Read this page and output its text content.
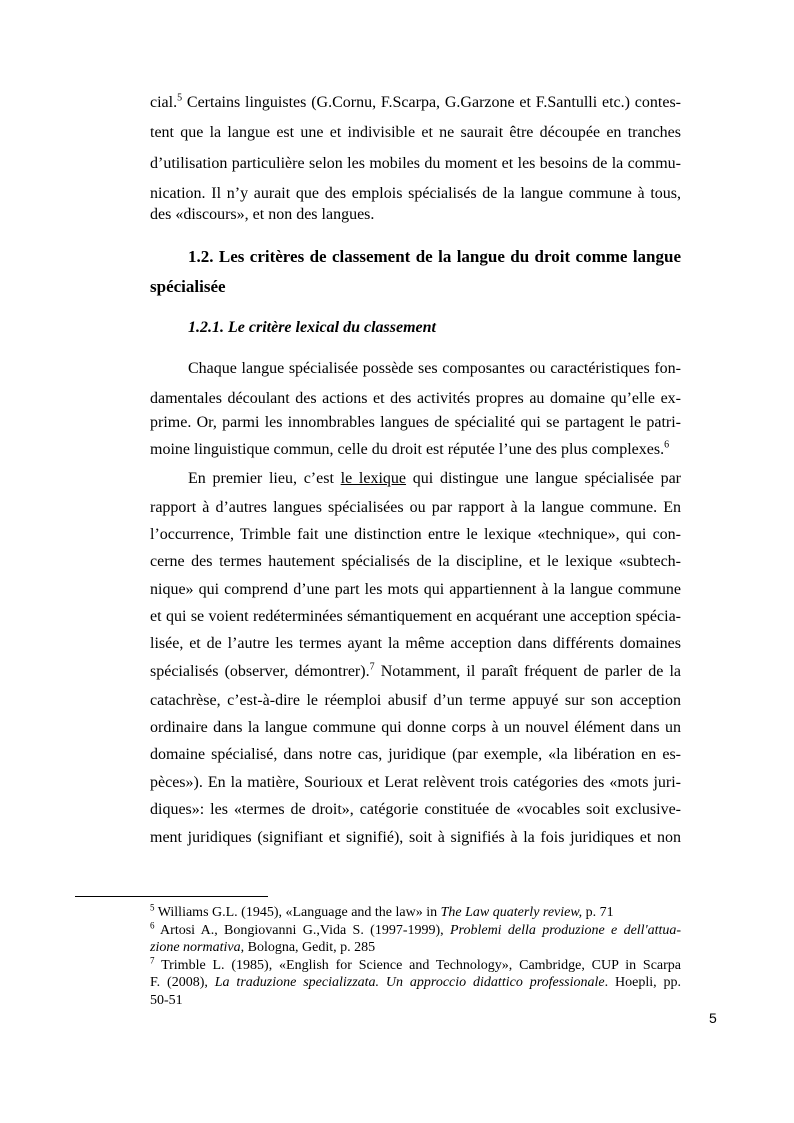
cial.$^5$ Certains linguistes (G.Cornu, F.Scarpa, G.Garzone et F.Santulli etc.) contes-
tent que la langue est une et indivisible et ne saurait être découpée en tranches
d’utilisation particulière selon les mobiles du moment et les besoins de la commu-
nication. Il n’y aurait que des emplois spécialisés de la langue commune à tous,
des «discours», et non des langues.
1.2. Les critères de classement de la langue du droit comme langue
spécialisée
1.2.1. Le critère lexical du classement
Chaque langue spécialisée possède ses composantes ou caractéristiques fon-
damentales découlant des actions et des activités propres au domaine qu’elle ex-
prime. Or, parmi les innombrables langues de spécialité qui se partagent le patri-
moine linguistique commun, celle du droit est réputée l’une des plus complexes.$^6$
En premier lieu, c’est le lexique qui distingue une langue spécialisée par
rapport à d’autres langues spécialisées ou par rapport à la langue commune. En
l’occurrence, Trimble fait une distinction entre le lexique «technique», qui con-
cerne des termes hautement spécialisés de la discipline, et le lexique «subtech-
nique» qui comprend d’une part les mots qui appartiennent à la langue commune
et qui se voient redéterminées sémantiquement en acquérant une acception spécia-
lisée, et de l’autre les termes ayant la même acception dans différents domaines
spécialisés (observer, démontrer).$^7$ Notamment, il paraît fréquent de parler de la
catachrèse, c’est-à-dire le réemploi abusif d’un terme appuyé sur son acception
ordinaire dans la langue commune qui donne corps à un nouvel élément dans un
domaine spécialisé, dans notre cas, juridique (par exemple, «la libération en es-
pèces»). En la matière, Sourioux et Lerat relèvent trois catégories des «mots juri-
diques»: les «termes de droit», catégorie constituée de «vocables soit exclusive-
ment juridiques (signifiant et signifié), soit à signifiés à la fois juridiques et non
$^5$ Williams G.L. (1945), «Language and the law» in The Law quaterly review, p. 71
$^6$ Artosi A., Bongiovanni G.,Vida S. (1997-1999), Problemi della produzione e dell'attua-
zione normativa, Bologna, Gedit, p. 285
$^7$ Trimble L. (1985), «English for Science and Technology», Cambridge, CUP in Scarpa
F. (2008), La traduzione specializzata. Un approccio didattico professionale. Hoepli, pp.
50-51
5
